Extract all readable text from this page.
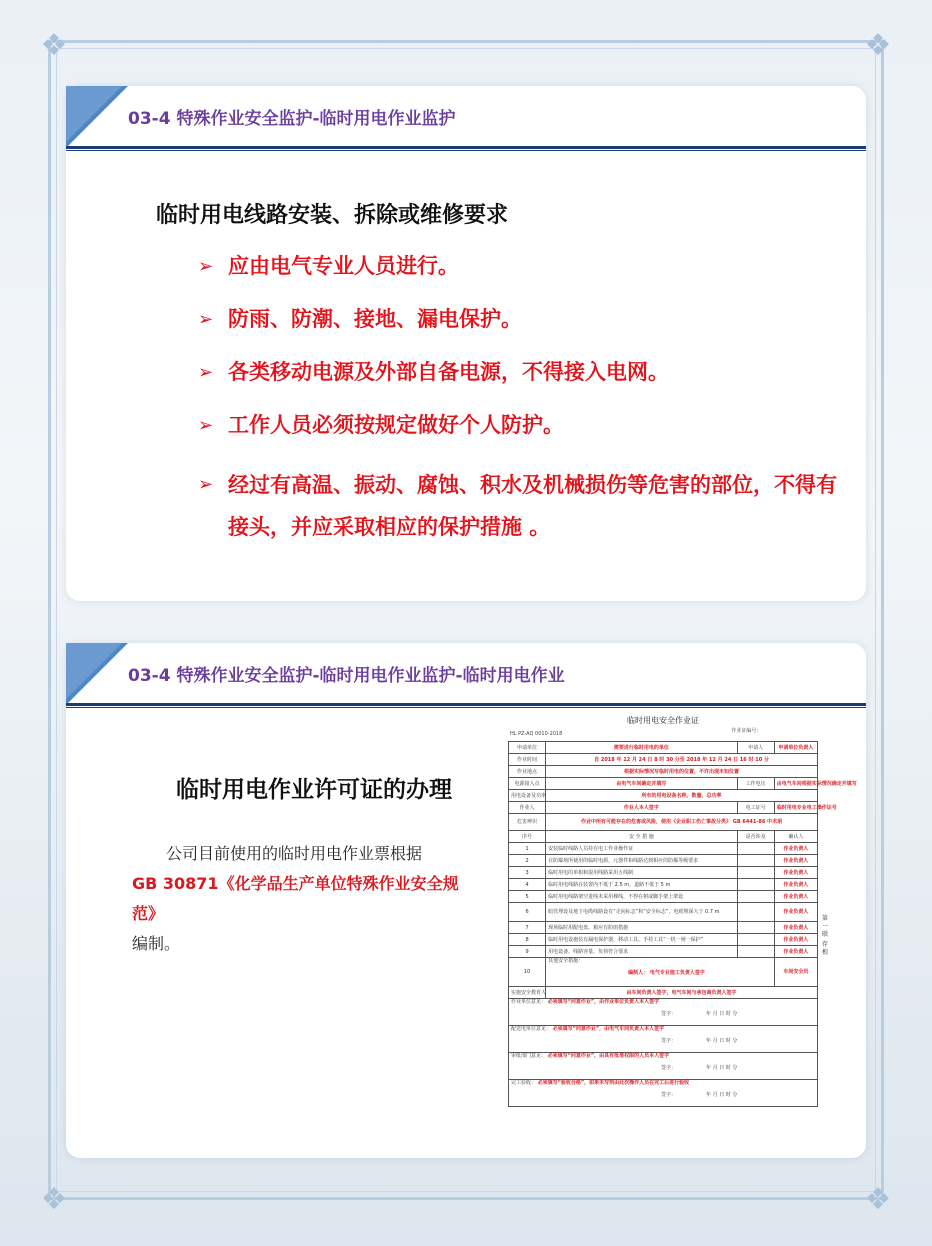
❖	❖
❖	❖
03-4 特殊作业安全监护-临时用电作业监护
临时用电线路安装、拆除或维修要求
➢ 应由电气专业人员进行。
➢ 防雨、防潮、接地、漏电保护。
➢ 各类移动电源及外部自备电源，不得接入电网。
➢ 工作人员必须按规定做好个人防护。
➢ 经过有高温、振动、腐蚀、积水及机械损伤等危害的部位，不得有接头，并应采取相应的保护措施 。
03-4 特殊作业安全监护-临时用电作业监护-临时用电作业
临时用电作业许可证的办理
公司目前使用的临时用电作业票根据
GB 30871《化学品生产单位特殊作业安全规范》
编制。
临时用电安全作业证
HL PZ-AQ 0010-2018	作业证编号:
申请单位	需要进行临时用电的单位	申请人	申请单位负责人
作业时间	自 2018 年 12 月 24 日 8 时 30 分至 2018 年 12 月 24 日 16 时 10 分		
作业地点	根据实际情况写临时用电的位置，不许出现未知位置		
电源接入点	由电气车间确定并填写	工作电压	由电气车间根据实际情况确定并填写
用电设备及功率	所有的用电设备名称、数量、总功率		
作业人	作业人本人签字	电工证号	临时用电专业电工操作证号
危害辨识	作业中所有可能存在的危害或风险，使用《企业职工伤亡事故分类》 GB 6441-86 中术语		
序号	安 全 措 施	是否涉及	确认人
1	安装临时线路人员持有电工作业操作证		作业负责人
2	在防爆场所使用的临时电源，元器件和线路达到相应的防爆等级要求		作业负责人
3	临时用电的单相和混用线路采用五线制		作业负责人
4	临时用电线路在装置内不低于 2.5 m，道路不低于 5 m		作业负责人
5	临时用电线路架空进线未采用裸线，不得在树或脚手架上架设		作业负责人
6	暗管埋设及地下电缆线路设有“走向标志”和“安全标志”，电缆埋深大于 0.7 m		作业负责人
7	现场临时用配电盘、箱应有防雨措施		作业负责人
8	临时用电设施装有漏电保护器，移动工具、手持工具“一机一闸一保护”		作业负责人
9	用电设备、线路容量、负荷符合要求		作业负责人
10	其他安全措施：

编制人： 电气专业施工负责人签字		车间安全员
实施安全教育人	由车间负责人签字，电气车间与承包商负责人签字		
作业单位意见： 必须填写“同意作业”，由作业单位负责人本人签字

签字： 年 月 日 时 分			
配送电单位意见： 必须填写“同意作业”，由电气车间负责人本人签字

签字： 年 月 日 时 分			
审批部门意见： 必须填写“同意作业”，由具有批准权限的人员本人签字

签字： 年 月 日 时 分			
完工验收： 必须填写“验收合格”，如果未写则由此次操作人员在完工后进行验收

签字： 年 月 日 时 分			
第一联
存根
